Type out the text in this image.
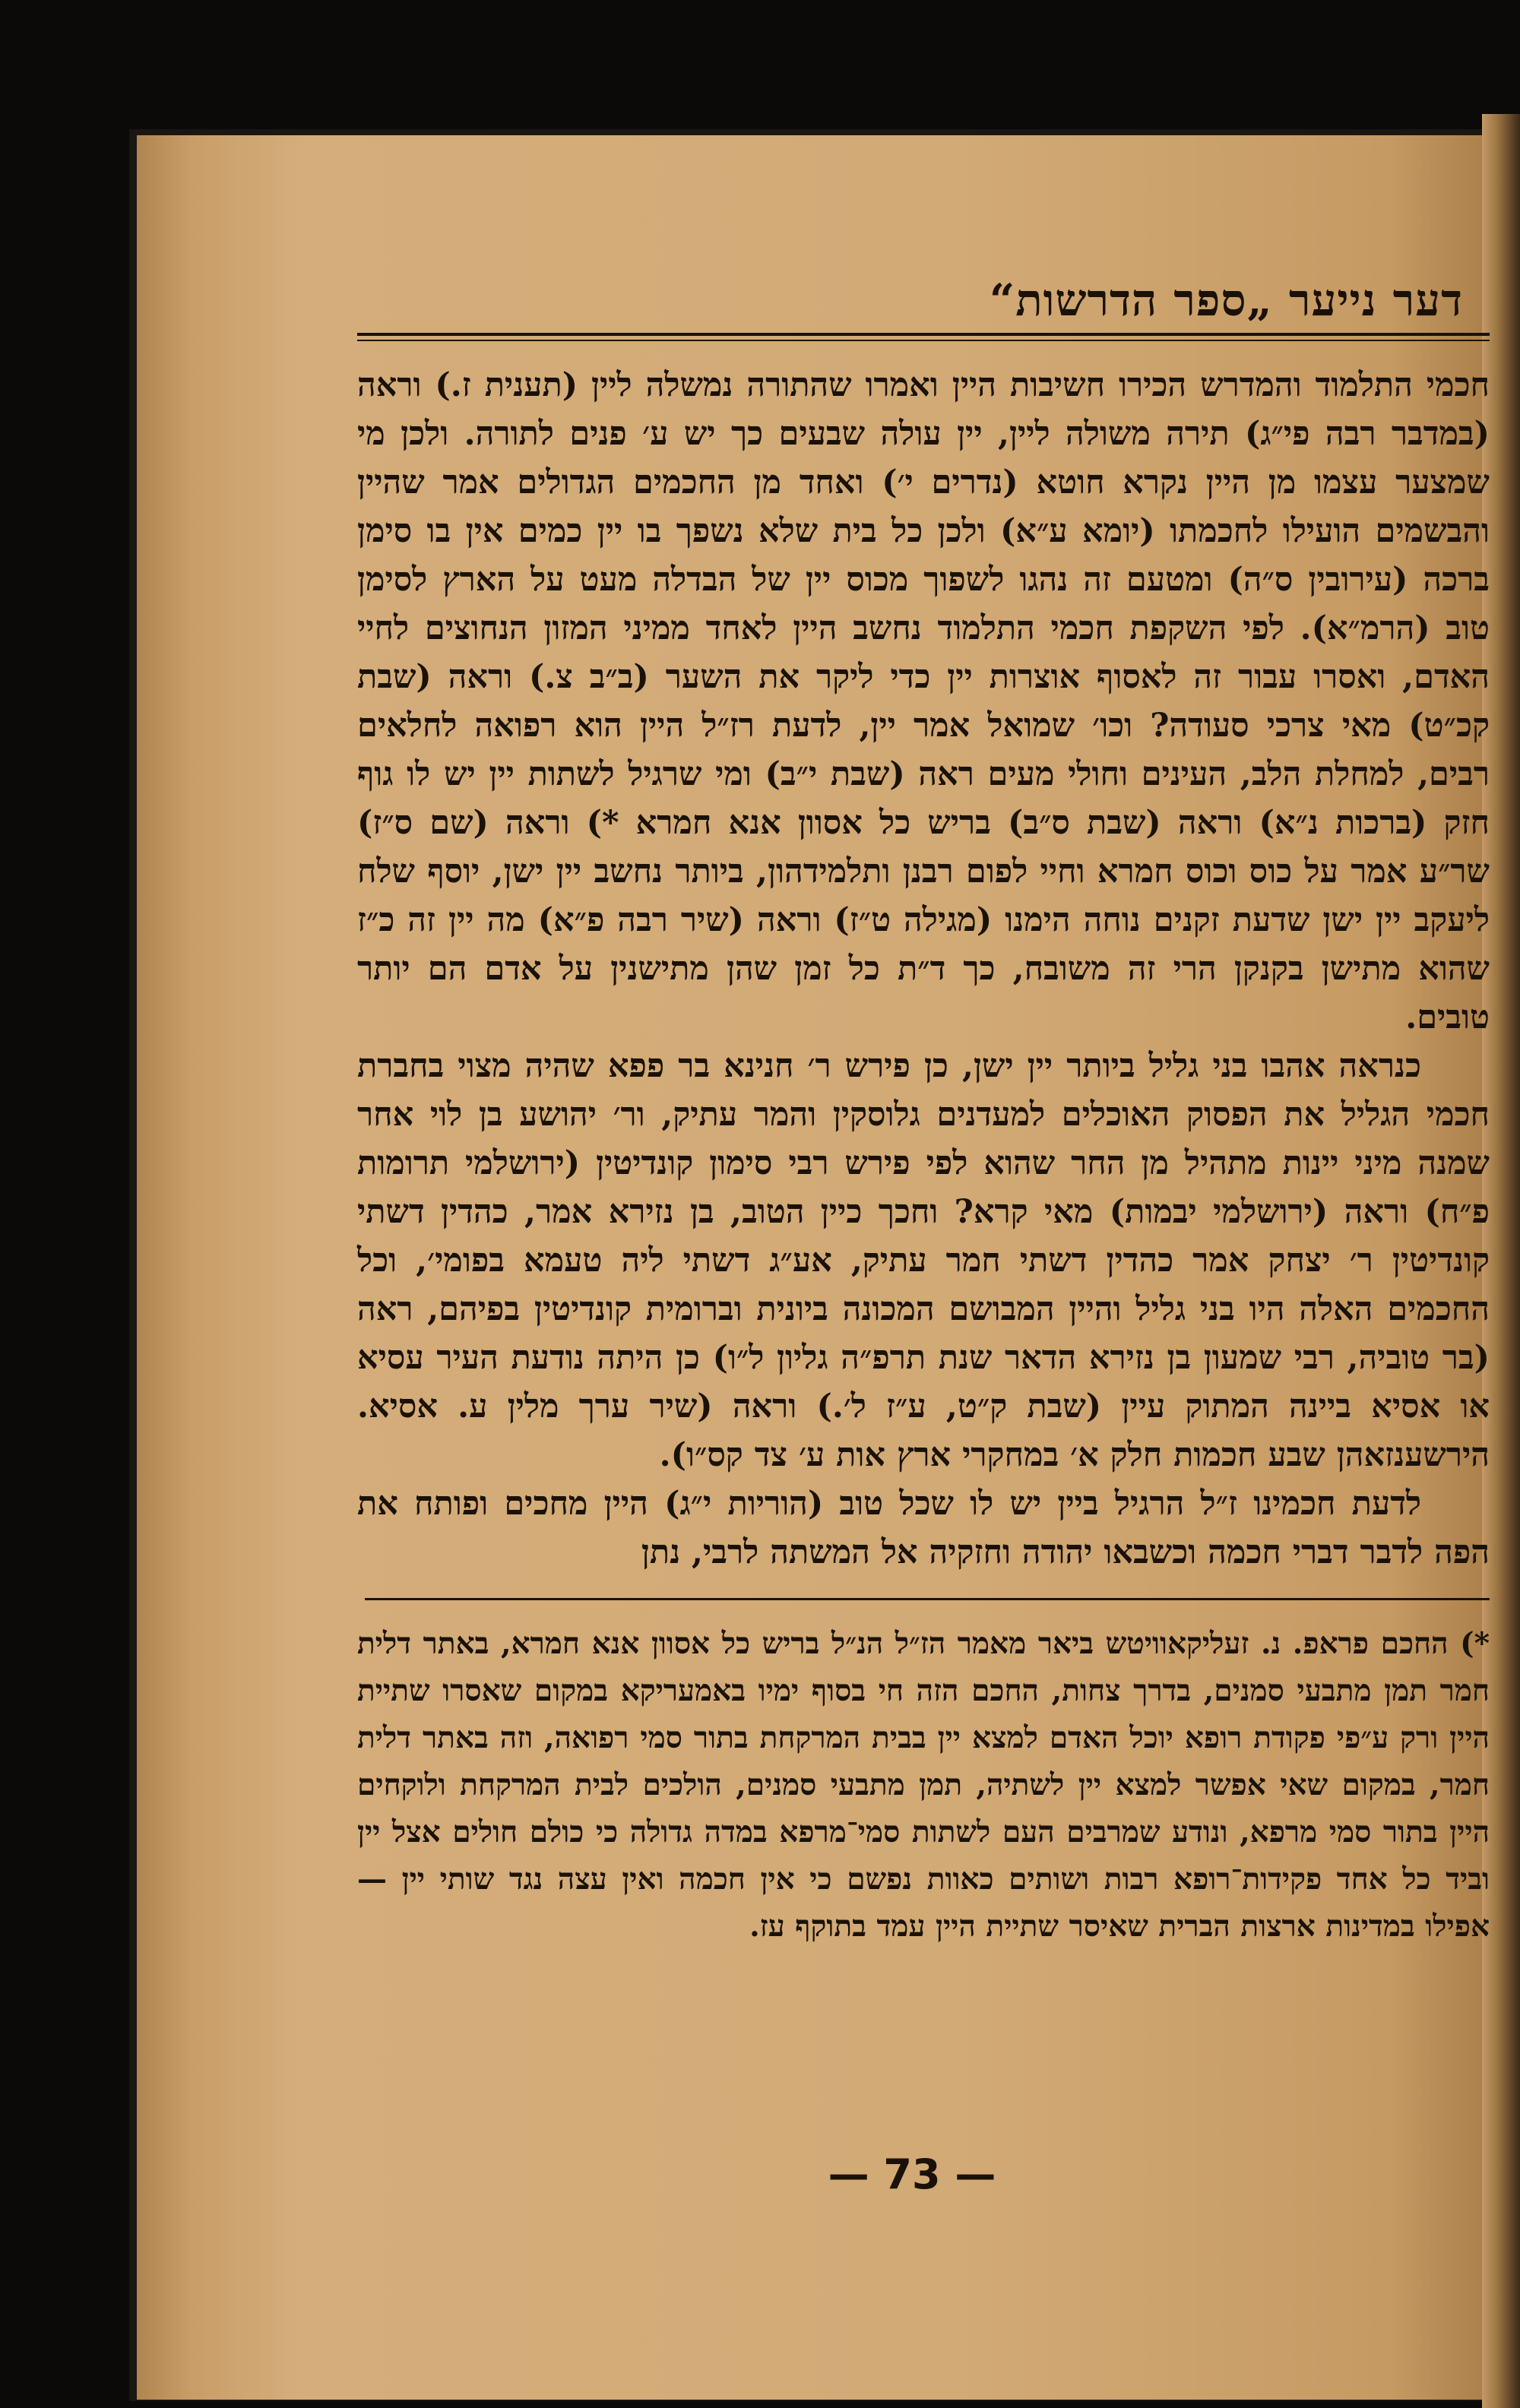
דער נייער „ספר הדרשות“

חכמי התלמוד והמדרש הכירו חשיבות היין ואמרו שהתורה נמשלה ליין (תענית ז.) וראה (במדבר רבה פי״ג) תירה משולה ליין, יין עולה שבעים כך יש ע׳ פנים לתורה. ולכן מי שמצער עצמו מן היין נקרא חוטא (נדרים י׳) ואחד מן החכמים הגדולים אמר שהיין והבשמים הועילו לחכמתו (יומא ע״א) ולכן כל בית שלא נשפך בו יין כמים אין בו סימן ברכה (עירובין ס״ה) ומטעם זה נהגו לשפוך מכוס יין של הבדלה מעט על הארץ לסימן טוב (הרמ״א). לפי השקפת חכמי התלמוד נחשב היין לאחד ממיני המזון הנחוצים לחיי האדם, ואסרו עבור זה לאסוף אוצרות יין כדי ליקר את השער (ב״ב צ.) וראה (שבת קכ״ט) מאי צרכי סעודה? וכו׳ שמואל אמר יין, לדעת רז״ל היין הוא רפואה לחלאים רבים, למחלת הלב, העינים וחולי מעים ראה (שבת י״ב) ומי שרגיל לשתות יין יש לו גוף חזק (ברכות נ״א) וראה (שבת ס״ב) בריש כל אסוון אנא חמרא *) וראה (שם ס״ז) שר״ע אמר על כוס וכוס חמרא וחיי לפום רבנן ותלמידהון, ביותר נחשב יין ישן, יוסף שלח ליעקב יין ישן שדעת זקנים נוחה הימנו (מגילה ט״ז) וראה (שיר רבה פ״א) מה יין זה כ״ז שהוא מתישן בקנקן הרי זה משובח, כך ד״ת כל זמן שהן מתישנין על אדם הם יותר טובים.

כנראה אהבו בני גליל ביותר יין ישן, כן פירש ר׳ חנינא בר פפא שהיה מצוי בחברת חכמי הגליל את הפסוק האוכלים למעדנים גלוסקין והמר עתיק, ור׳ יהושע בן לוי אחר שמנה מיני יינות מתהיל מן החר שהוא לפי פירש רבי סימון קונדיטין (ירושלמי תרומות פ״ח) וראה (ירושלמי יבמות) מאי קרא? וחכך כיין הטוב, בן נזירא אמר, כהדין דשתי קונדיטין ר׳ יצחק אמר כהדין דשתי חמר עתיק, אע״ג דשתי ליה טעמא בפומי׳, וכל החכמים האלה היו בני גליל והיין המבושם המכונה ביונית וברומית קונדיטין בפיהם, ראה (בר טוביה, רבי שמעון בן נזירא הדאר שנת תרפ״ה גליון ל״ו) כן היתה נודעת העיר עסיא או אסיא ביינה המתוק עיין (שבת ק״ט, ע״ז ל׳.) וראה (שיר ערך מלין ע. אסיא. הירשענזאהן שבע חכמות חלק א׳ במחקרי ארץ אות ע׳ צד קס״ו).

לדעת חכמינו ז״ל הרגיל ביין יש לו שכל טוב (הוריות י״ג) היין מחכים ופותח את הפה לדבר דברי חכמה וכשבאו יהודה וחזקיה אל המשתה לרבי, נתן

*) החכם פראפ. נ. זעליקאוויטש ביאר מאמר הז״ל הנ״ל בריש כל אסוון אנא חמרא, באתר דלית חמר תמן מתבעי סמנים, בדרך צחות, החכם הזה חי בסוף ימיו באמעריקא במקום שאסרו שתיית היין ורק ע״פי פקודת רופא יוכל האדם למצא יין בבית המרקחת בתור סמי רפואה, וזה באתר דלית חמר, במקום שאי אפשר למצא יין לשתיה, תמן מתבעי סמנים, הולכים לבית המרקחת ולוקחים היין בתור סמי מרפא, ונודע שמרבים העם לשתות סמי־מרפא במדה גדולה כי כולם חולים אצל יין וביד כל אחד פקידות־רופא רבות ושותים כאוות נפשם כי אין חכמה ואין עצה נגד שותי יין — אפילו במדינות ארצות הברית שאיסר שתיית היין עמד בתוקף עז.

— 73 —
